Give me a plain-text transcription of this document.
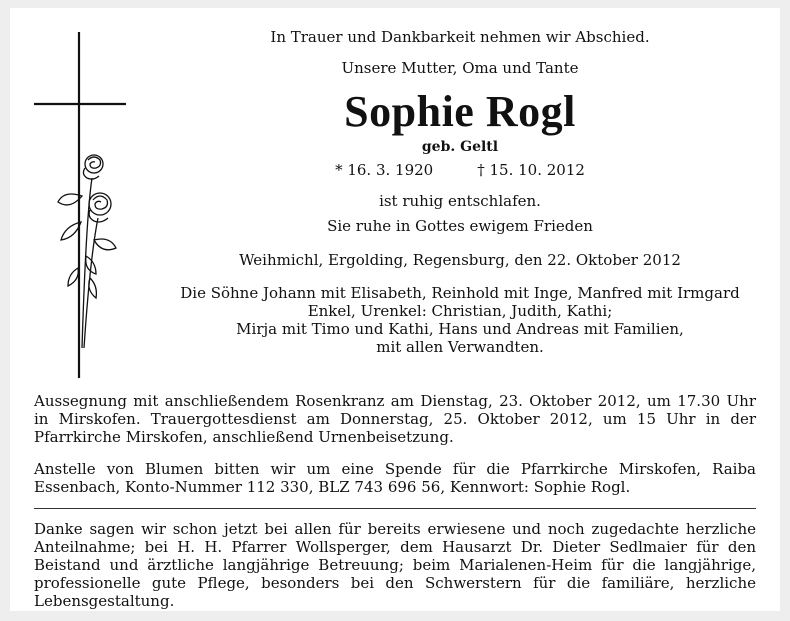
In Trauer und Dankbarkeit nehmen wir Abschied.

Unsere Mutter, Oma und Tante

Sophie Rogl

geb. Geltl

* 16. 3. 1920	† 15. 10. 2012

ist ruhig entschlafen.

Sie ruhe in Gottes ewigem Frieden

Weihmichl, Ergolding, Regensburg, den 22. Oktober 2012

Die Söhne Johann mit Elisabeth, Reinhold mit Inge, Manfred mit Irmgard

Enkel, Urenkel: Christian, Judith, Kathi;

Mirja mit Timo und Kathi, Hans und Andreas mit Familien,

mit allen Verwandten.

Aussegnung mit anschließendem Rosenkranz am Dienstag, 23. Oktober 2012, um 17.30 Uhr in Mirskofen. Trauergottesdienst am Donnerstag, 25. Oktober 2012, um 15 Uhr in der Pfarrkirche Mirskofen, anschließend Urnenbeisetzung.

Anstelle von Blumen bitten wir um eine Spende für die Pfarrkirche Mirskofen, Raiba Essenbach, Konto-Nummer 112 330, BLZ 743 696 56, Kennwort: Sophie Rogl.

Danke sagen wir schon jetzt bei allen für bereits erwiesene und noch zugedachte herzliche Anteilnahme; bei H. H. Pfarrer Wollsperger, dem Hausarzt Dr. Dieter Sedlmaier für den Beistand und ärztliche langjährige Betreuung; beim Marialenen-Heim für die langjährige, professionelle gute Pflege, besonders bei den Schwerstern für die familiäre, herzliche Lebensgestaltung.
